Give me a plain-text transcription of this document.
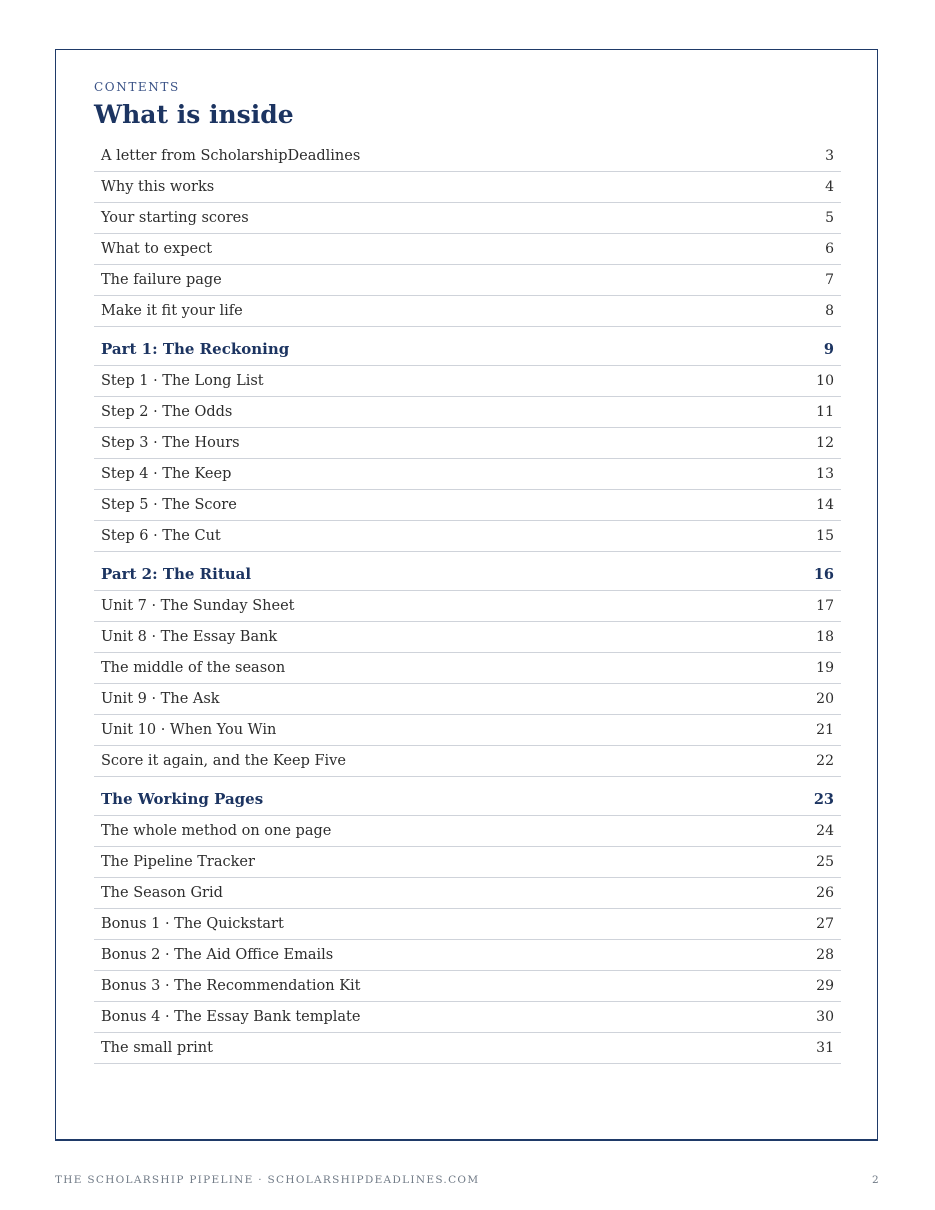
CONTENTS
What is inside
A letter from ScholarshipDeadlines	3
Why this works	4
Your starting scores	5
What to expect	6
The failure page	7
Make it fit your life	8
Part 1: The Reckoning	9
Step 1 · The Long List	10
Step 2 · The Odds	11
Step 3 · The Hours	12
Step 4 · The Keep	13
Step 5 · The Score	14
Step 6 · The Cut	15
Part 2: The Ritual	16
Unit 7 · The Sunday Sheet	17
Unit 8 · The Essay Bank	18
The middle of the season	19
Unit 9 · The Ask	20
Unit 10 · When You Win	21
Score it again, and the Keep Five	22
The Working Pages	23
The whole method on one page	24
The Pipeline Tracker	25
The Season Grid	26
Bonus 1 · The Quickstart	27
Bonus 2 · The Aid Office Emails	28
Bonus 3 · The Recommendation Kit	29
Bonus 4 · The Essay Bank template	30
The small print	31
THE SCHOLARSHIP PIPELINE · SCHOLARSHIPDEADLINES.COM	2
